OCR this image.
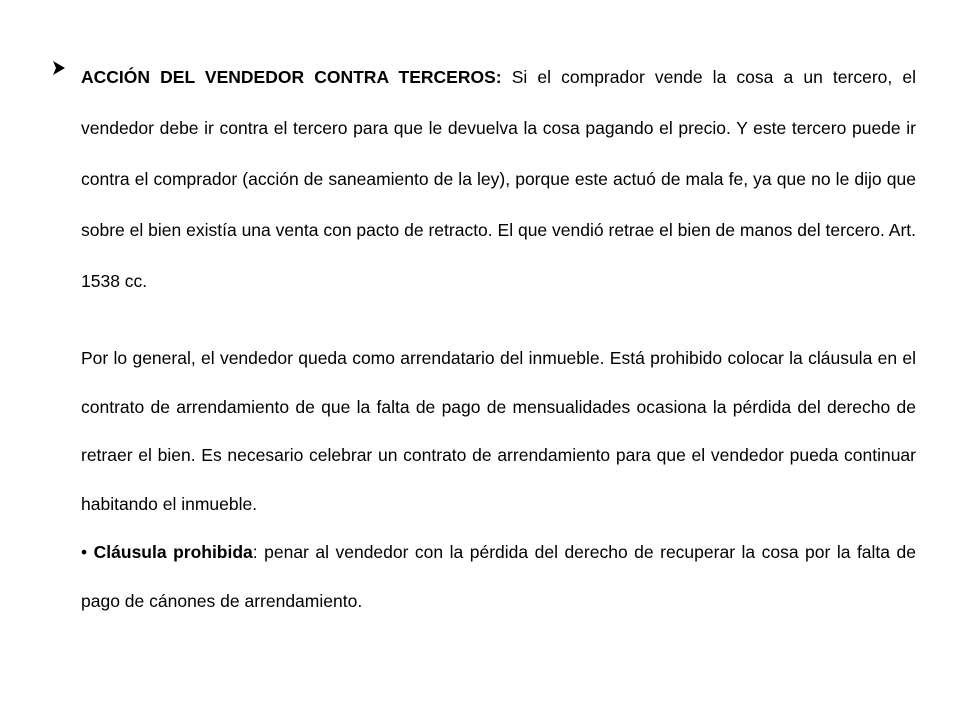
ACCIÓN DEL VENDEDOR CONTRA TERCEROS: Si el comprador vende la cosa a un tercero, el vendedor debe ir contra el tercero para que le devuelva la cosa pagando el precio. Y este tercero puede ir contra el comprador (acción de saneamiento de la ley), porque este actuó de mala fe, ya que no le dijo que sobre el bien existía una venta con pacto de retracto. El que vendió retrae el bien de manos del tercero. Art. 1538 cc.

Por lo general, el vendedor queda como arrendatario del inmueble. Está prohibido colocar la cláusula en el contrato de arrendamiento de que la falta de pago de mensualidades ocasiona la pérdida del derecho de retraer el bien. Es necesario celebrar un contrato de arrendamiento para que el vendedor pueda continuar habitando el inmueble.

• Cláusula prohibida: penar al vendedor con la pérdida del derecho de recuperar la cosa por la falta de pago de cánones de arrendamiento.
